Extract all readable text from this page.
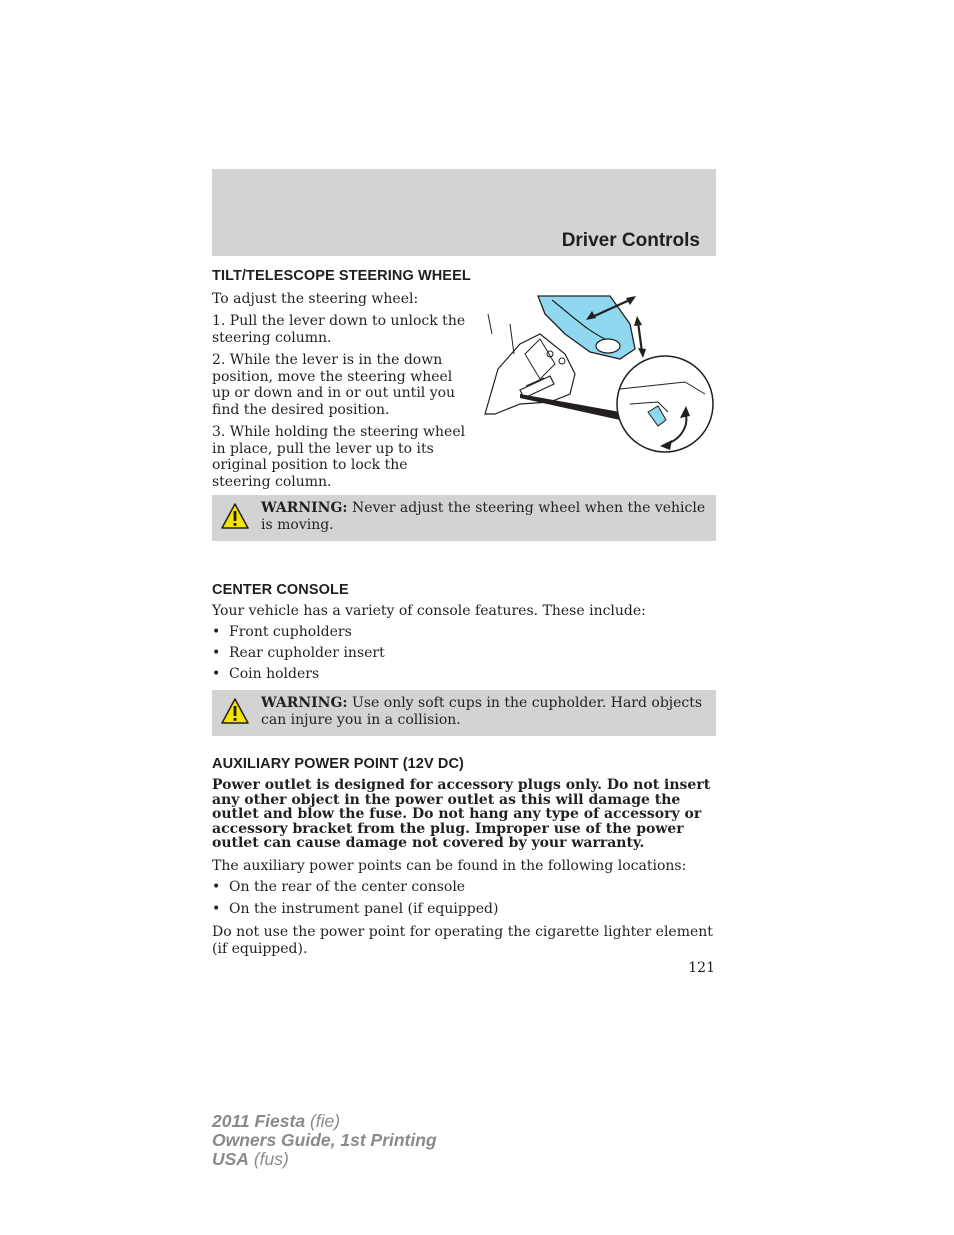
Driver Controls
TILT/TELESCOPE STEERING WHEEL
To adjust the steering wheel:
1. Pull the lever down to unlock the steering column.
2. While the lever is in the down position, move the steering wheel up or down and in or out until you find the desired position.
3. While holding the steering wheel in place, pull the lever up to its original position to lock the steering column.
WARNING: Never adjust the steering wheel when the vehicle is moving.
CENTER CONSOLE
Your vehicle has a variety of console features. These include:
• Front cupholders
• Rear cupholder insert
• Coin holders
WARNING: Use only soft cups in the cupholder. Hard objects can injure you in a collision.
AUXILIARY POWER POINT (12V DC)
Power outlet is designed for accessory plugs only. Do not insert
any other object in the power outlet as this will damage the
outlet and blow the fuse. Do not hang any type of accessory or
accessory bracket from the plug. Improper use of the power
outlet can cause damage not covered by your warranty.
The auxiliary power points can be found in the following locations:
• On the rear of the center console
• On the instrument panel (if equipped)
Do not use the power point for operating the cigarette lighter element (if equipped).
121
2011 Fiesta (fie)
Owners Guide, 1st Printing
USA (fus)
